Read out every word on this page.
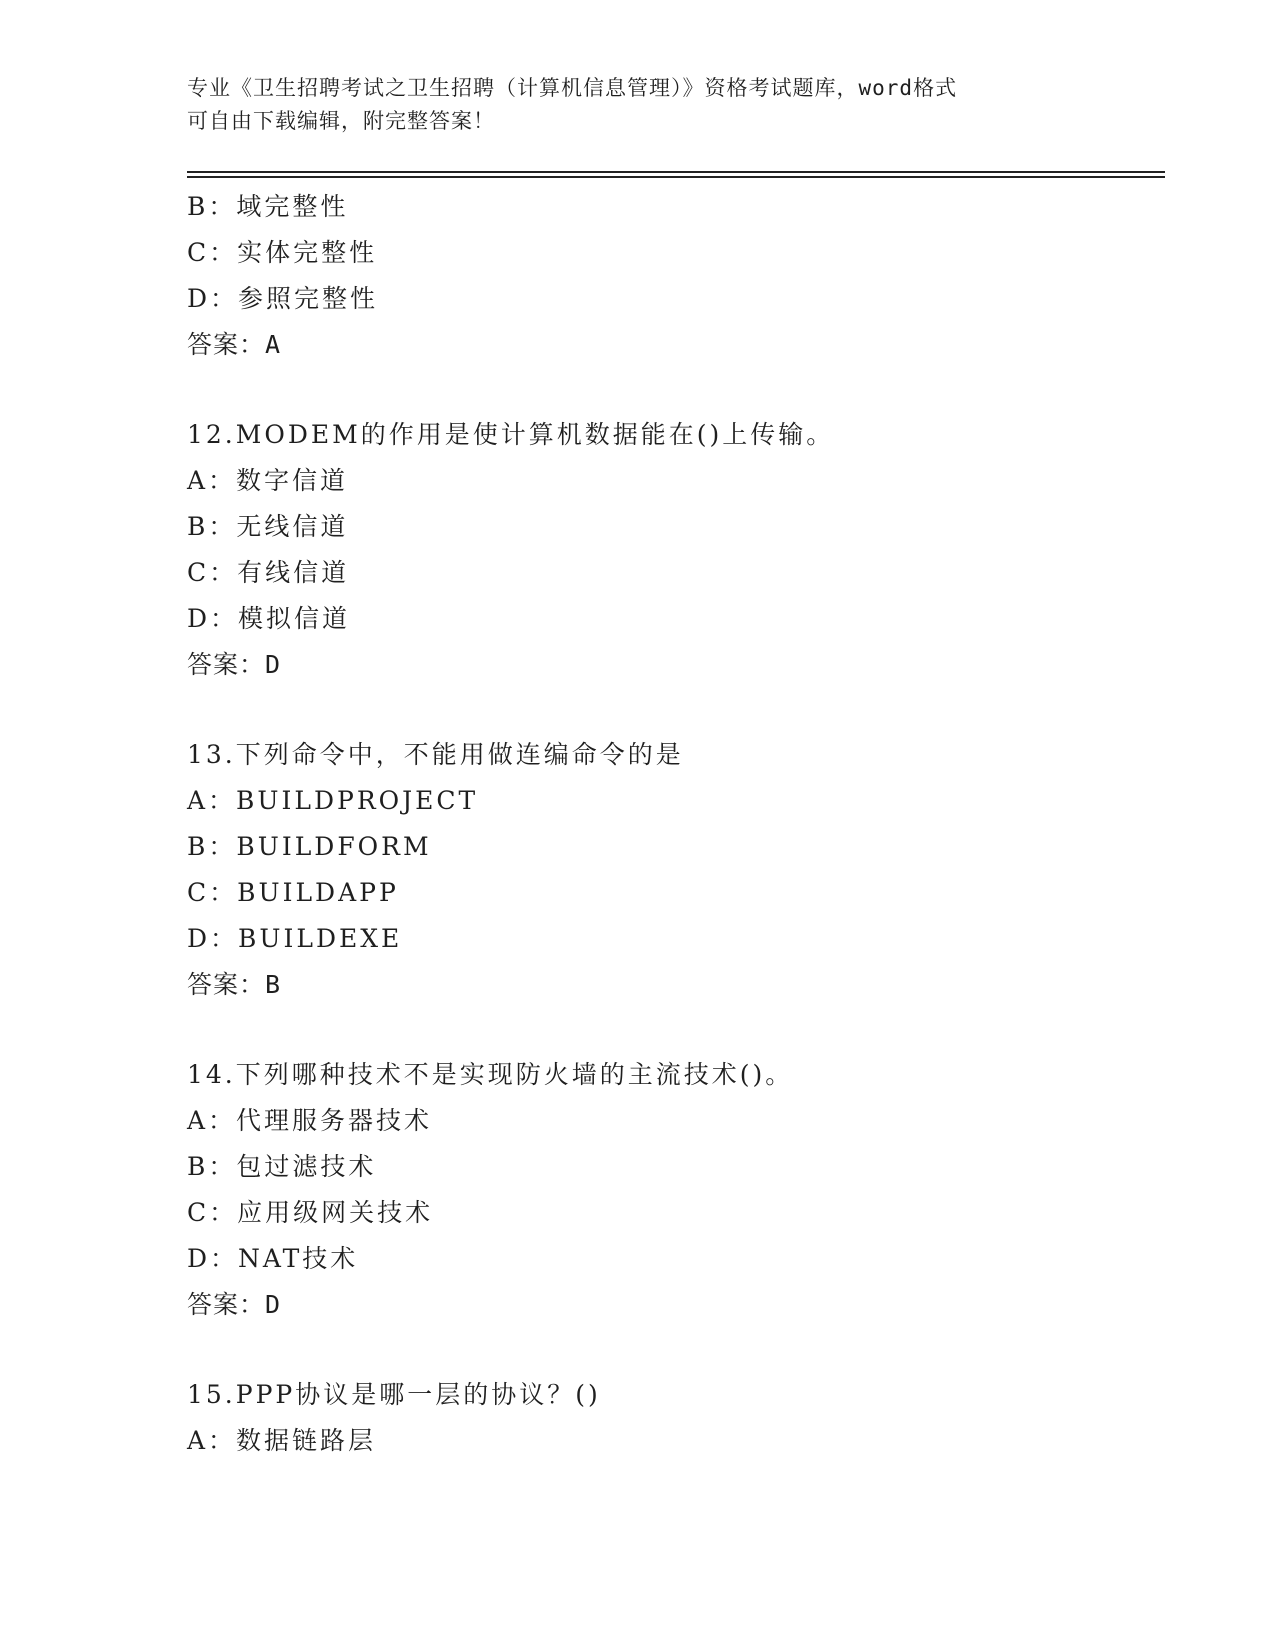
专业《卫生招聘考试之卫生招聘（计算机信息管理）》资格考试题库，word格式
可自由下载编辑，附完整答案！
B：域完整性
C：实体完整性
D：参照完整性
答案：A
12.MODEM的作用是使计算机数据能在()上传输。
A：数字信道
B：无线信道
C：有线信道
D：模拟信道
答案：D
13.下列命令中，不能用做连编命令的是
A：BUILDPROJECT
B：BUILDFORM
C：BUILDAPP
D：BUILDEXE
答案：B
14.下列哪种技术不是实现防火墙的主流技术()。
A：代理服务器技术
B：包过滤技术
C：应用级网关技术
D：NAT技术
答案：D
15.PPP协议是哪一层的协议？()
A：数据链路层
